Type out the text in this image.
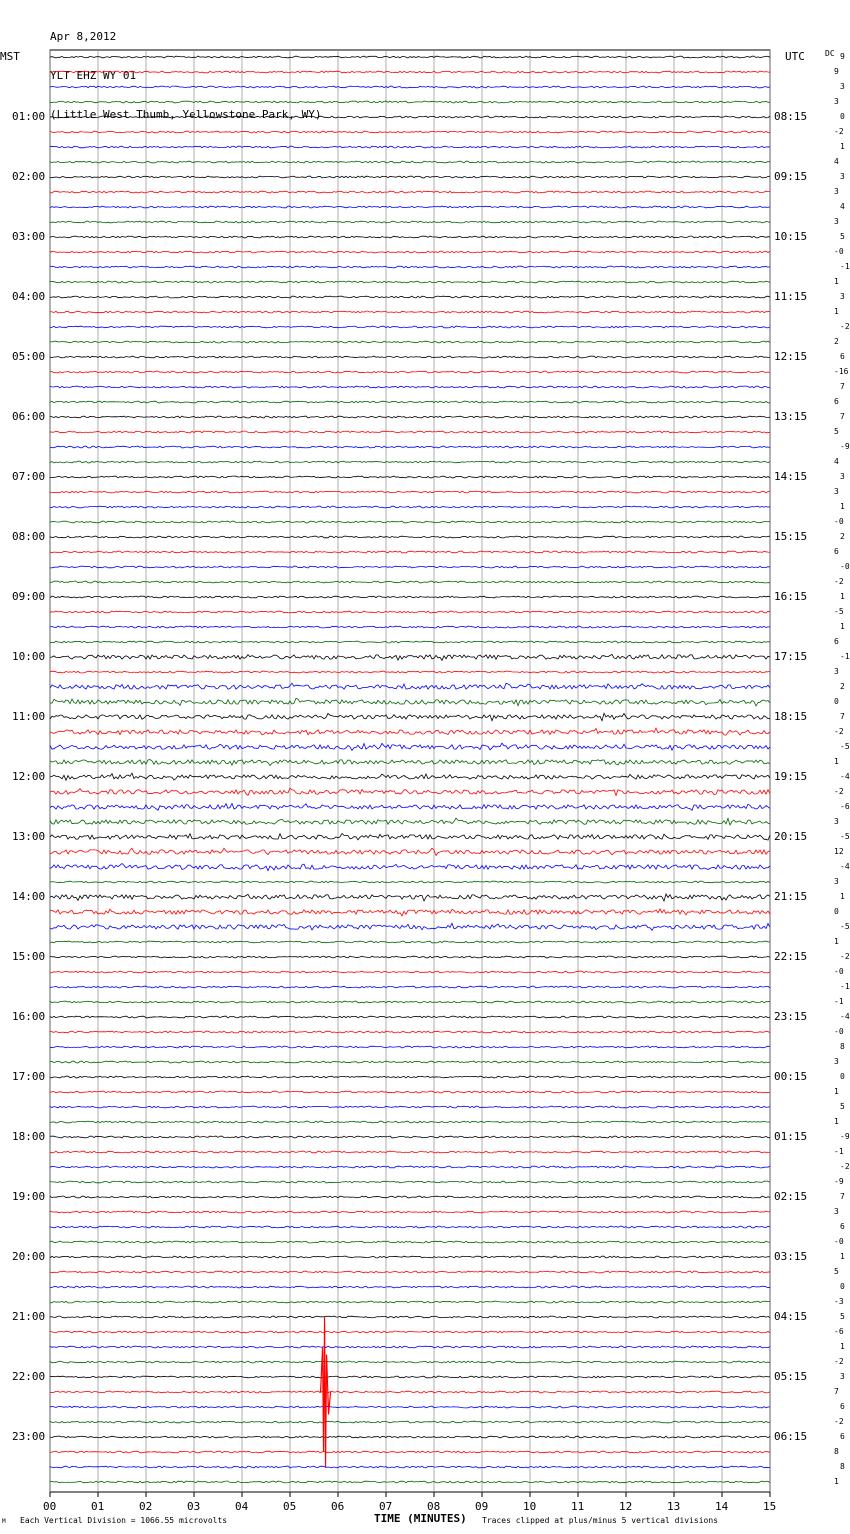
Apr 8,2012

YLT EHZ WY 01

(Little West Thumb, Yellowstone Park, WY)

MST	UTC	DC
00	01	02	03	04	05	06	07	08	09	10	11	12	13	14	15
9
9
3
3
0
-2
1
4
3
3
4
3
5
-0
-1
1
3
1
-2
2
6
-16
7
6
7
5
-9
4
3
3
1
-0
2
6
-0
-2
1
-5
1
6
-1
3
2
0
7
-2
-5
1
-4
-2
-6
3
-5
12
-4
3
1
0
-5
1
-2
-0
-1
-1
-4
-0
8
3
0
1
5
1
-9
-1
-2
-9
7
3
6
-0
1
5
0
-3
5
-6
1
-2
3
7
6
-2
6
8
8
1
01:00
02:00
03:00
04:00
05:00
06:00
07:00
08:00
09:00
10:00
11:00
12:00
13:00
14:00
15:00
16:00
17:00
18:00
19:00
20:00
21:00
22:00
23:00
08:15
09:15
10:15
11:15
12:15
13:15
14:15
15:15
16:15
17:15
18:15
19:15
20:15
21:15
22:15
23:15
00:15
01:15
02:15
03:15
04:15
05:15
06:15
TIME (MINUTES)
Each Vertical Division = 1066.55 microvolts	Traces clipped at plus/minus 5 vertical divisions
M
